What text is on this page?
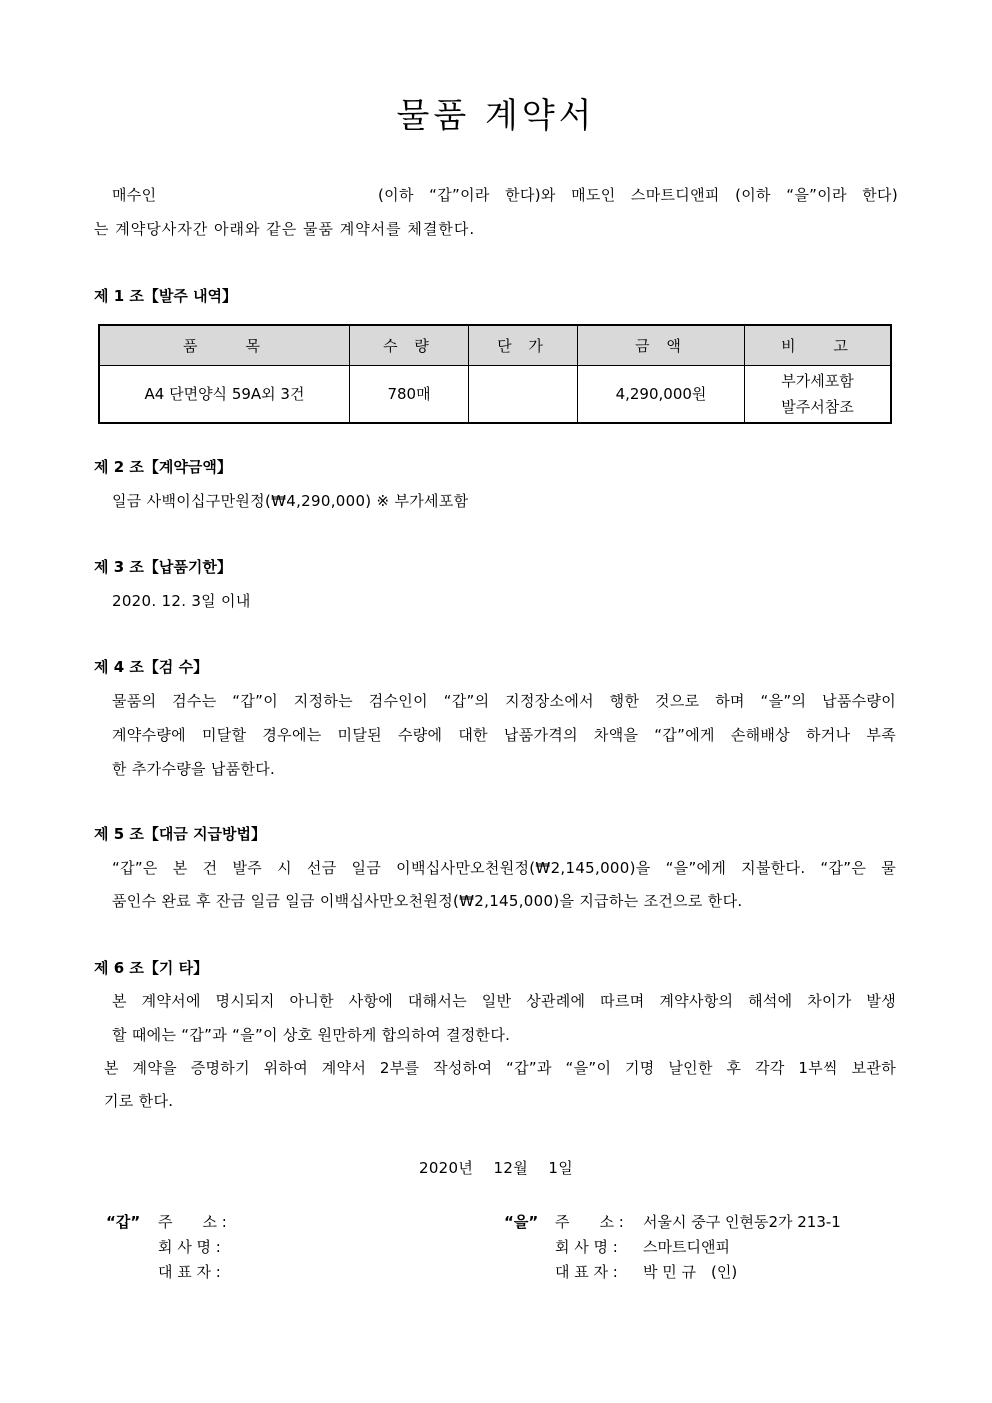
물품 계약서
매수인	(이하 “갑”이라 한다)와 매도인 스마트디앤피 (이하 “을”이라 한다)
는 계약당사자간 아래와 같은 물품 계약서를 체결한다.
제 1 조【발주 내역】
품　　목	수 량	단 가	금 액	비　 고
A4 단면양식 59A외 3건	780매		4,290,000원	부가세포함
발주서참조
제 2 조【계약금액】
일금 사백이십구만원정(₩4,290,000) ※ 부가세포함
제 3 조【납품기한】
2020. 12. 3일 이내
제 4 조【검 수】
물품의 검수는 “갑”이 지정하는 검수인이 “갑”의 지정장소에서 행한 것으로 하며 “을”의 납품수량이
계약수량에 미달할 경우에는 미달된 수량에 대한 납품가격의 차액을 “갑”에게 손해배상 하거나 부족
한 추가수량을 납품한다.
제 5 조【대금 지급방법】
“갑”은 본 건 발주 시 선금 일금 이백십사만오천원정(₩2,145,000)을 “을”에게 지불한다. “갑”은 물
품인수 완료 후 잔금 일금 일금 이백십사만오천원정(₩2,145,000)을 지급하는 조건으로 한다.
제 6 조【기 타】
본 계약서에 명시되지 아니한 사항에 대해서는 일반 상관례에 따르며 계약사항의 해석에 차이가 발생
할 때에는 “갑”과 “을”이 상호 원만하게 합의하여 결정한다.
본 계약을 증명하기 위하여 계약서 2부를 작성하여 “갑”과 “을”이 기명 날인한 후 각각 1부씩 보관하
기로 한다.
2020년　 12월　 1일
“갑” 주　　소 :
회 사 명 :
대 표 자 :
“을” 주　　소 : 서울시 중구 인현동2가 213-1
회 사 명 : 스마트디앤피
대 표 자 : 박 민 규　(인)
